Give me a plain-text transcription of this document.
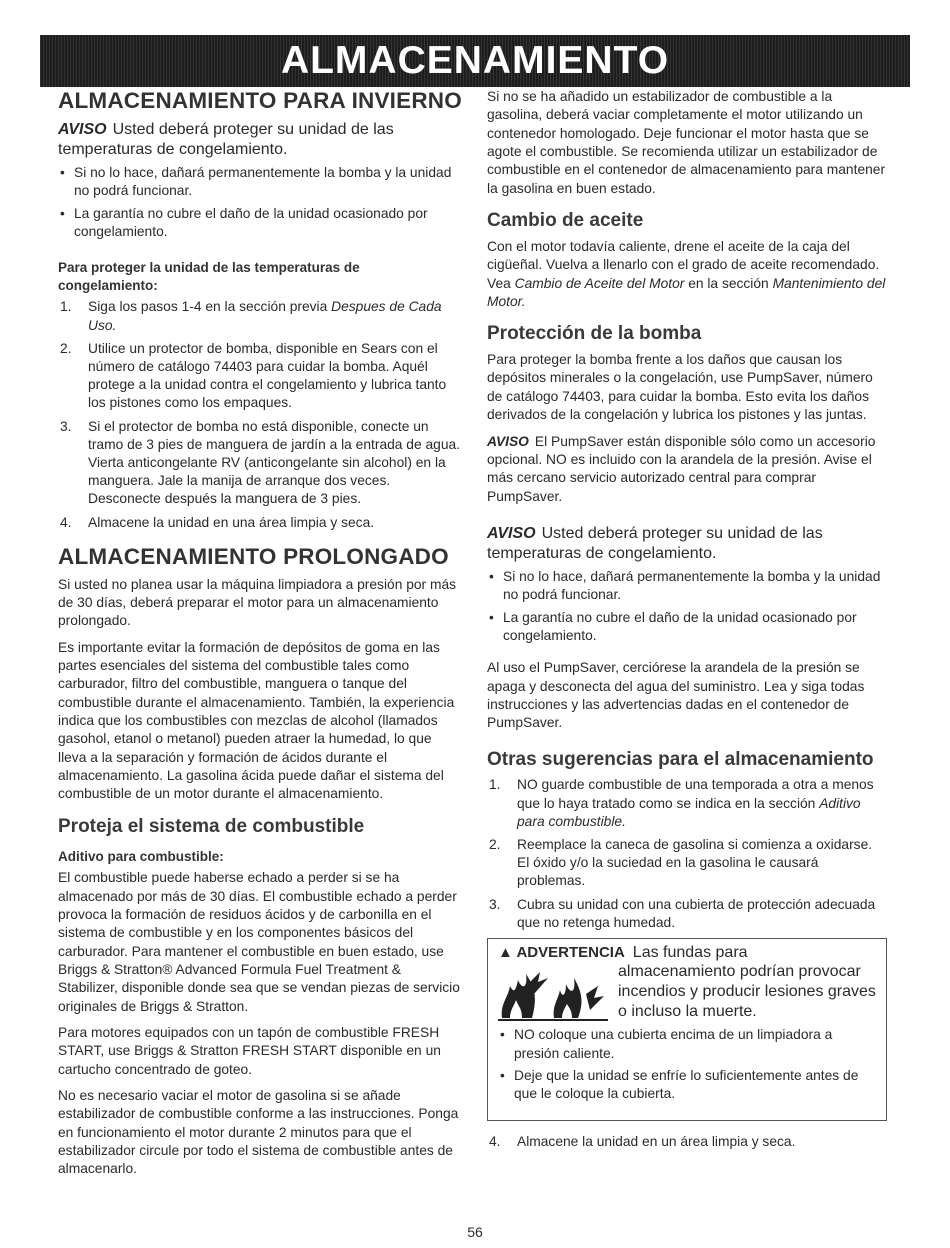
ALMACENAMIENTO
ALMACENAMIENTO PARA INVIERNO

AVISO Usted deberá proteger su unidad de las temperaturas de congelamiento.

• Si no lo hace, dañará permanentemente la bomba y la unidad no podrá funcionar.
• La garantía no cubre el daño de la unidad ocasionado por congelamiento.
Para proteger la unidad de las temperaturas de congelamiento:
1. Siga los pasos 1-4 en la sección previa Despues de Cada Uso.
2. Utilice un protector de bomba, disponible en Sears con el número de catálogo 74403 para cuidar la bomba. Aquél protege a la unidad contra el congelamiento y lubrica tanto los pistones como los empaques.
3. Si el protector de bomba no está disponible, conecte un tramo de 3 pies de manguera de jardín a la entrada de agua. Vierta anticongelante RV (anticongelante sin alcohol) en la manguera. Jale la manija de arranque dos veces. Desconecte después la manguera de 3 pies.
4. Almacene la unidad en una área limpia y seca.
ALMACENAMIENTO PROLONGADO

Si usted no planea usar la máquina limpiadora a presión por más de 30 días, deberá preparar el motor para un almacenamiento prolongado.

Es importante evitar la formación de depósitos de goma en las partes esenciales del sistema del combustible tales como carburador, filtro del combustible, manguera o tanque del combustible durante el almacenamiento. También, la experiencia indica que los combustibles con mezclas de alcohol (llamados gasohol, etanol o metanol) pueden atraer la humedad, lo que lleva a la separación y formación de ácidos durante el almacenamiento. La gasolina ácida puede dañar el sistema del combustible de un motor durante el almacenamiento.

Proteja el sistema de combustible
Aditivo para combustible:

El combustible puede haberse echado a perder si se ha almacenado por más de 30 días. El combustible echado a perder provoca la formación de residuos ácidos y de carbonilla en el sistema de combustible y en los componentes básicos del carburador. Para mantener el combustible en buen estado, use Briggs & Stratton® Advanced Formula Fuel Treatment & Stabilizer, disponible donde sea que se vendan piezas de servicio originales de Briggs & Stratton.

Para motores equipados con un tapón de combustible FRESH START, use Briggs & Stratton FRESH START disponible en un cartucho concentrado de goteo.

No es necesario vaciar el motor de gasolina si se añade estabilizador de combustible conforme a las instrucciones. Ponga en funcionamiento el motor durante 2 minutos para que el estabilizador circule por todo el sistema de combustible antes de almacenarlo.

Si no se ha añadido un estabilizador de combustible a la gasolina, deberá vaciar completamente el motor utilizando un contenedor homologado. Deje funcionar el motor hasta que se agote el combustible. Se recomienda utilizar un estabilizador de combustible en el contenedor de almacenamiento para mantener la gasolina en buen estado.

Cambio de aceite

Con el motor todavía caliente, drene el aceite de la caja del cigüeñal. Vuelva a llenarlo con el grado de aceite recomendado. Vea Cambio de Aceite del Motor en la sección Mantenimiento del Motor.

Protección de la bomba

Para proteger la bomba frente a los daños que causan los depósitos minerales o la congelación, use PumpSaver, número de catálogo 74403, para cuidar la bomba. Esto evita los daños derivados de la congelación y lubrica los pistones y las juntas.

AVISO El PumpSaver están disponible sólo como un accesorio opcional. NO es incluido con la arandela de la presión. Avise el más cercano servicio autorizado central para comprar PumpSaver.

AVISO Usted deberá proteger su unidad de las temperaturas de congelamiento.

• Si no lo hace, dañará permanentemente la bomba y la unidad no podrá funcionar.
• La garantía no cubre el daño de la unidad ocasionado por congelamiento.

Al uso el PumpSaver, cerciórese la arandela de la presión se apaga y desconecta del agua del suministro. Lea y siga todas instrucciones y las advertencias dadas en el contenedor de PumpSaver.

Otras sugerencias para el almacenamiento
1. NO guarde combustible de una temporada a otra a menos que lo haya tratado como se indica en la sección Aditivo para combustible.
2. Reemplace la caneca de gasolina si comienza a oxidarse. El óxido y/o la suciedad en la gasolina le causará problemas.
3. Cubra su unidad con una cubierta de protección adecuada que no retenga humedad.
▲ ADVERTENCIA Las fundas para
almacenamiento podrían provocar incendios y producir lesiones graves o incluso la muerte.
• NO coloque una cubierta encima de un limpiadora a presión caliente.
• Deje que la unidad se enfríe lo suficientemente antes de que le coloque la cubierta.
4. Almacene la unidad en un área limpia y seca.
56
